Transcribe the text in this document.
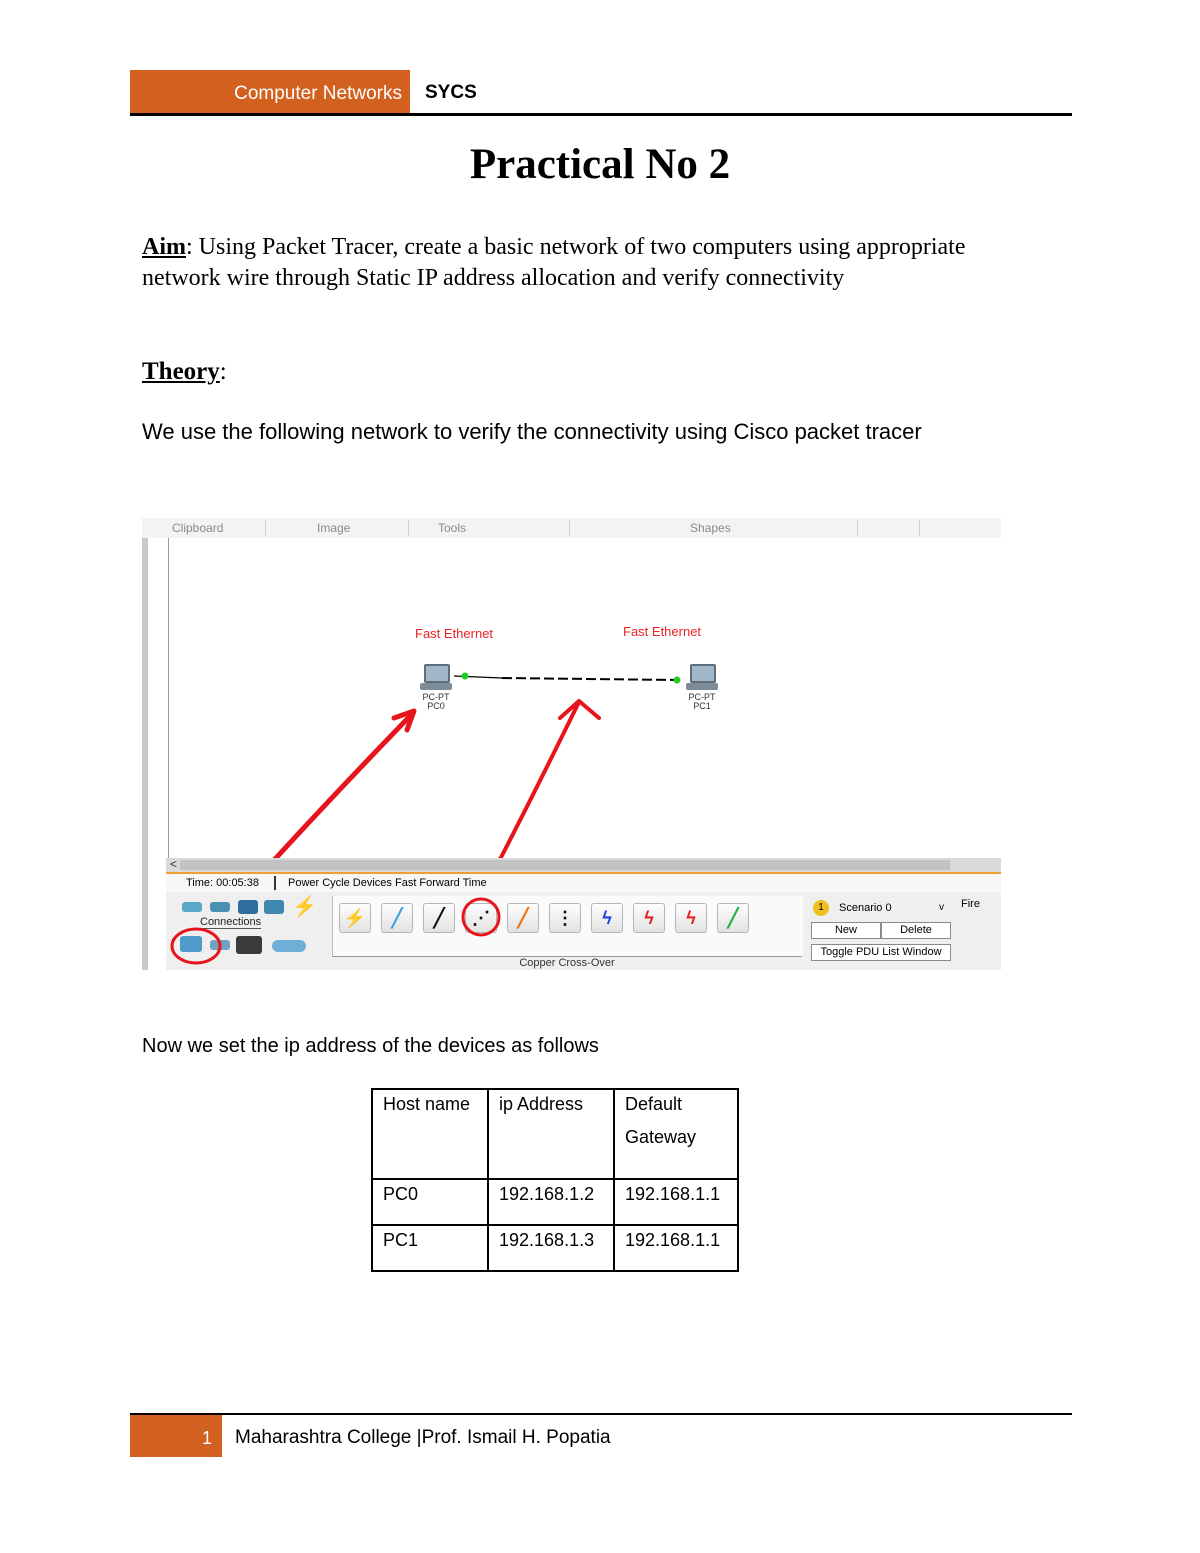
Computer Networks SYCS
Practical No 2
Aim: Using Packet Tracer, create a basic network of two computers using appropriate network wire through Static IP address allocation and verify connectivity
Theory:
We use the following network to verify the connectivity using Cisco packet tracer
Clipboard	Image	Tools	Shapes
Fast Ethernet	Fast Ethernet
PC-PT
PC0
PC-PT
PC1
<
Time: 00:05:38	Power Cycle Devices Fast Forward Time
⚡
Connections	⚡	╱	╱	⋰	╱	⋮	ϟ	ϟ	ϟ	╱
Copper Cross-Over
1	Scenario 0	v Fire
New	Delete
Toggle PDU List Window
Now we set the ip address of the devices as follows
Host name	ip Address	Default
Gateway

PC0	192.168.1.2	192.168.1.1
PC1	192.168.1.3	192.168.1.1
1 Maharashtra College |Prof. Ismail H. Popatia
